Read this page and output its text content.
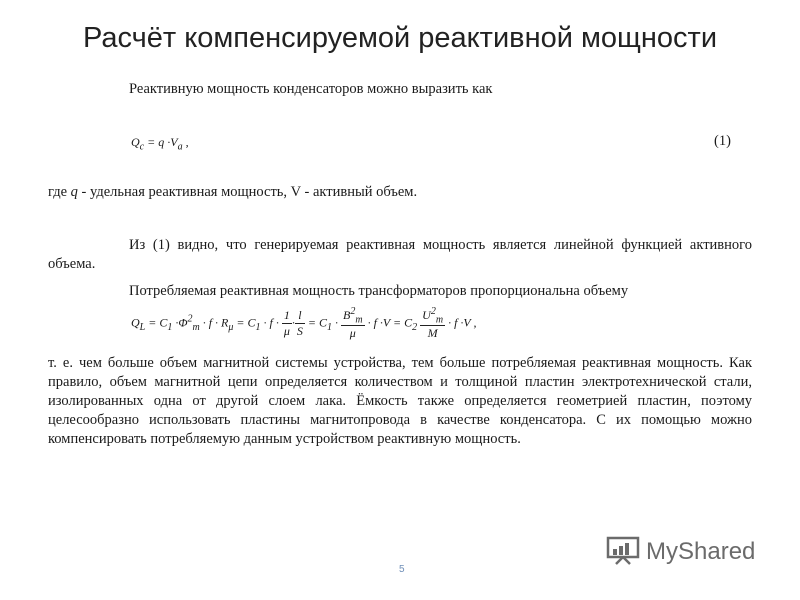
Расчёт компенсируемой реактивной мощности
Реактивную мощность конденсаторов можно выразить как
$Q_c = q \cdot V_a$ ,	(1)
где q - удельная реактивная мощность, V - активный объем.
Из (1) видно, что генерируемая реактивная мощность является линейной функцией активного объема.
Потребляемая реактивная мощность трансформаторов пропорциональна объему
$Q_L = C_1 \cdot\Phi^2_m \cdot f \cdot R_\mu = C_1 \cdot f \cdot \frac{1}{\mu} \cdot \frac{l}{S} = C_1 \cdot \frac{B^2_m}{\mu} \cdot f \cdot V = C_2 \frac{U^2_m}{M} \cdot f \cdot V$ ,
т. е. чем больше объем магнитной системы устройства, тем больше потребляемая реактивная мощность. Как правило, объем магнитной цепи определяется количеством и толщиной пластин электротехнической стали, изолированных одна от другой слоем лака. Ёмкость также определяется геометрией пластин, поэтому целесообразно использовать пластины магнитопровода в качестве конденсатора. С их помощью можно компенсировать потребляемую данным устройством реактивную мощность.
MyShared
5
